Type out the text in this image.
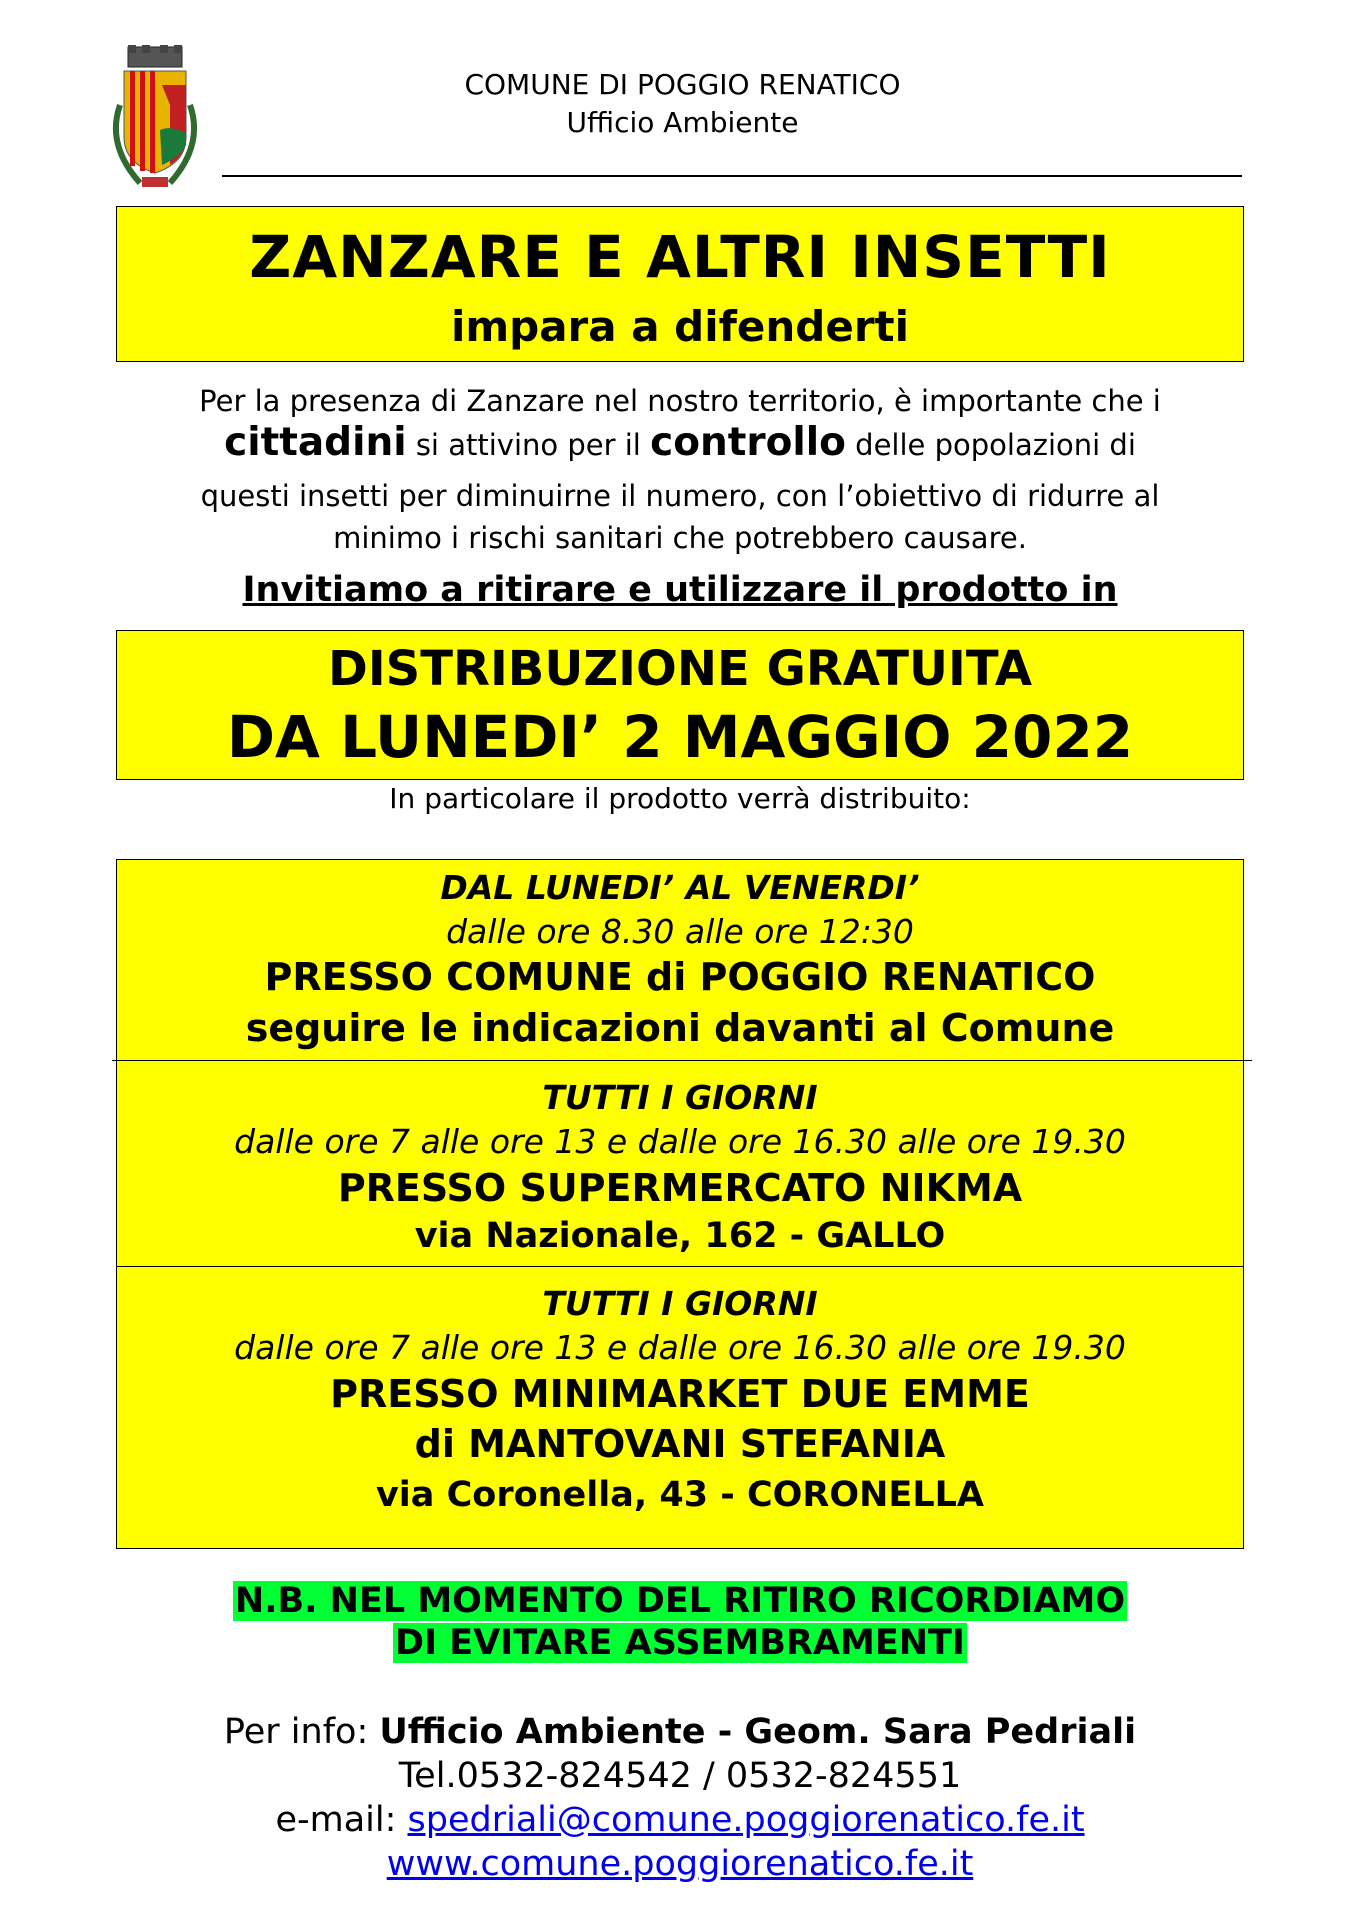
COMUNE DI POGGIO RENATICO
Ufficio Ambiente
ZANZARE E ALTRI INSETTI
impara a difenderti
Per la presenza di Zanzare nel nostro territorio, è importante che i
cittadini si attivino per il controllo delle popolazioni di
questi insetti per diminuirne il numero, con l’obiettivo di ridurre al
minimo i rischi sanitari che potrebbero causare.
Invitiamo a ritirare e utilizzare il prodotto in
DISTRIBUZIONE GRATUITA
DA LUNEDI’ 2 MAGGIO 2022
In particolare il prodotto verrà distribuito:
DAL LUNEDI’ AL VENERDI’
dalle ore 8.30 alle ore 12:30
PRESSO COMUNE di POGGIO RENATICO
seguire le indicazioni davanti al Comune
TUTTI I GIORNI
dalle ore 7 alle ore 13 e dalle ore 16.30 alle ore 19.30
PRESSO SUPERMERCATO NIKMA
via Nazionale, 162 - GALLO
TUTTI I GIORNI
dalle ore 7 alle ore 13 e dalle ore 16.30 alle ore 19.30
PRESSO MINIMARKET DUE EMME
di MANTOVANI STEFANIA
via Coronella, 43 - CORONELLA
N.B. NEL MOMENTO DEL RITIRO RICORDIAMO
DI EVITARE ASSEMBRAMENTI
Per info: Ufficio Ambiente - Geom. Sara Pedriali
Tel.0532-824542 / 0532-824551
e-mail: spedriali@comune.poggiorenatico.fe.it
www.comune.poggiorenatico.fe.it
